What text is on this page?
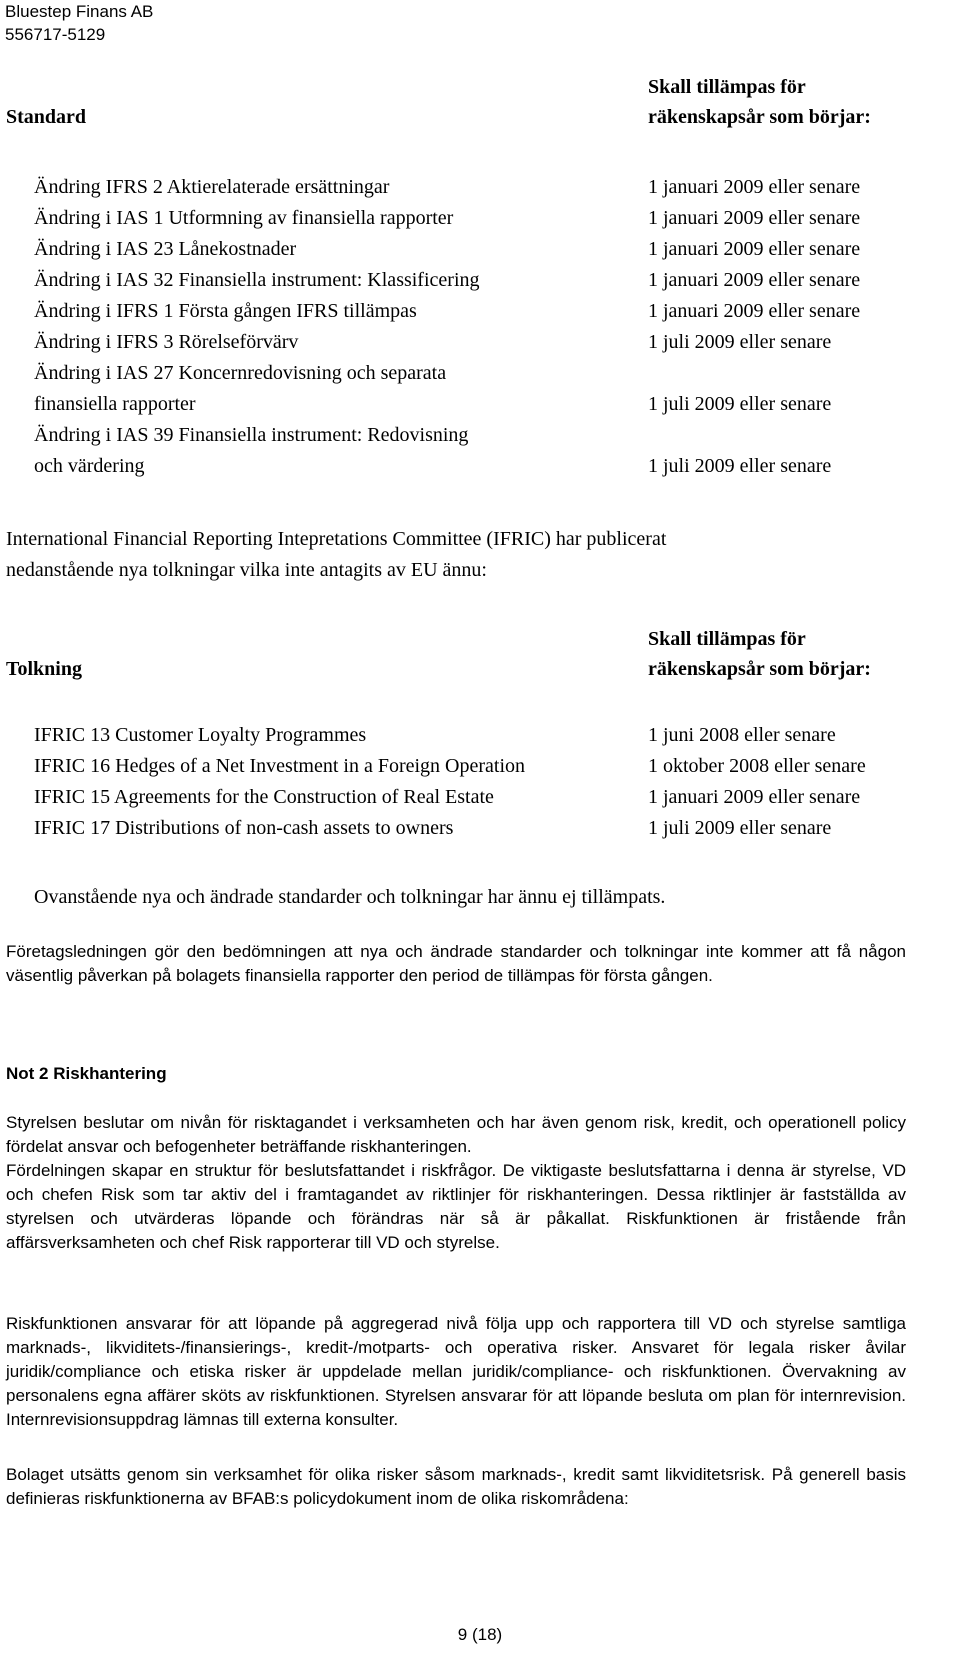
Bluestep Finans AB
556717-5129
Standard
Skall tillämpas för
räkenskapsår som börjar:
Ändring IFRS 2 Aktierelaterade ersättningar	1 januari 2009 eller senare
Ändring i IAS 1 Utformning av finansiella rapporter	1 januari 2009 eller senare
Ändring i IAS 23 Lånekostnader	1 januari 2009 eller senare
Ändring i IAS 32 Finansiella instrument: Klassificering	1 januari 2009 eller senare
Ändring i IFRS 1 Första gången IFRS tillämpas	1 januari 2009 eller senare
Ändring i IFRS 3 Rörelseförvärv	1 juli 2009 eller senare
Ändring i IAS 27 Koncernredovisning och separata
finansiella rapporter	1 juli 2009 eller senare
Ändring i IAS 39 Finansiella instrument: Redovisning
och värdering	1 juli 2009 eller senare
International Financial Reporting Intepretations Committee (IFRIC) har publicerat
nedanstående nya tolkningar vilka inte antagits av EU ännu:
Tolkning
Skall tillämpas för
räkenskapsår som börjar:
IFRIC 13 Customer Loyalty Programmes	1 juni 2008 eller senare
IFRIC 16 Hedges of a Net Investment in a Foreign Operation	1 oktober 2008 eller senare
IFRIC 15 Agreements for the Construction of Real Estate	1 januari 2009 eller senare
IFRIC 17 Distributions of non-cash assets to owners	1 juli 2009 eller senare
Ovanstående nya och ändrade standarder och tolkningar har ännu ej tillämpats.

Företagsledningen gör den bedömningen att nya och ändrade standarder och tolkningar inte kommer att få någon väsentlig påverkan på bolagets finansiella rapporter den period de tillämpas för första gången.

Not 2 Riskhantering

Styrelsen beslutar om nivån för risktagandet i verksamheten och har även genom risk, kredit, och operationell policy fördelat ansvar och befogenheter beträffande riskhanteringen.

Fördelningen skapar en struktur för beslutsfattandet i riskfrågor. De viktigaste beslutsfattarna i denna är styrelse, VD och chefen Risk som tar aktiv del i framtagandet av riktlinjer för riskhanteringen. Dessa riktlinjer är fastställda av styrelsen och utvärderas löpande och förändras när så är påkallat. Riskfunktionen är fristående från affärsverksamheten och chef Risk rapporterar till VD och styrelse.

Riskfunktionen ansvarar för att löpande på aggregerad nivå följa upp och rapportera till VD och styrelse samtliga marknads-, likviditets-/finansierings-, kredit-/motparts- och operativa risker. Ansvaret för legala risker åvilar juridik/compliance och etiska risker är uppdelade mellan juridik/compliance- och riskfunktionen. Övervakning av personalens egna affärer sköts av riskfunktionen. Styrelsen ansvarar för att löpande besluta om plan för internrevision. Internrevisionsuppdrag lämnas till externa konsulter.

Bolaget utsätts genom sin verksamhet för olika risker såsom marknads-, kredit samt likviditetsrisk. På generell basis definieras riskfunktionerna av BFAB:s policydokument inom de olika riskområdena:

9 (18)
